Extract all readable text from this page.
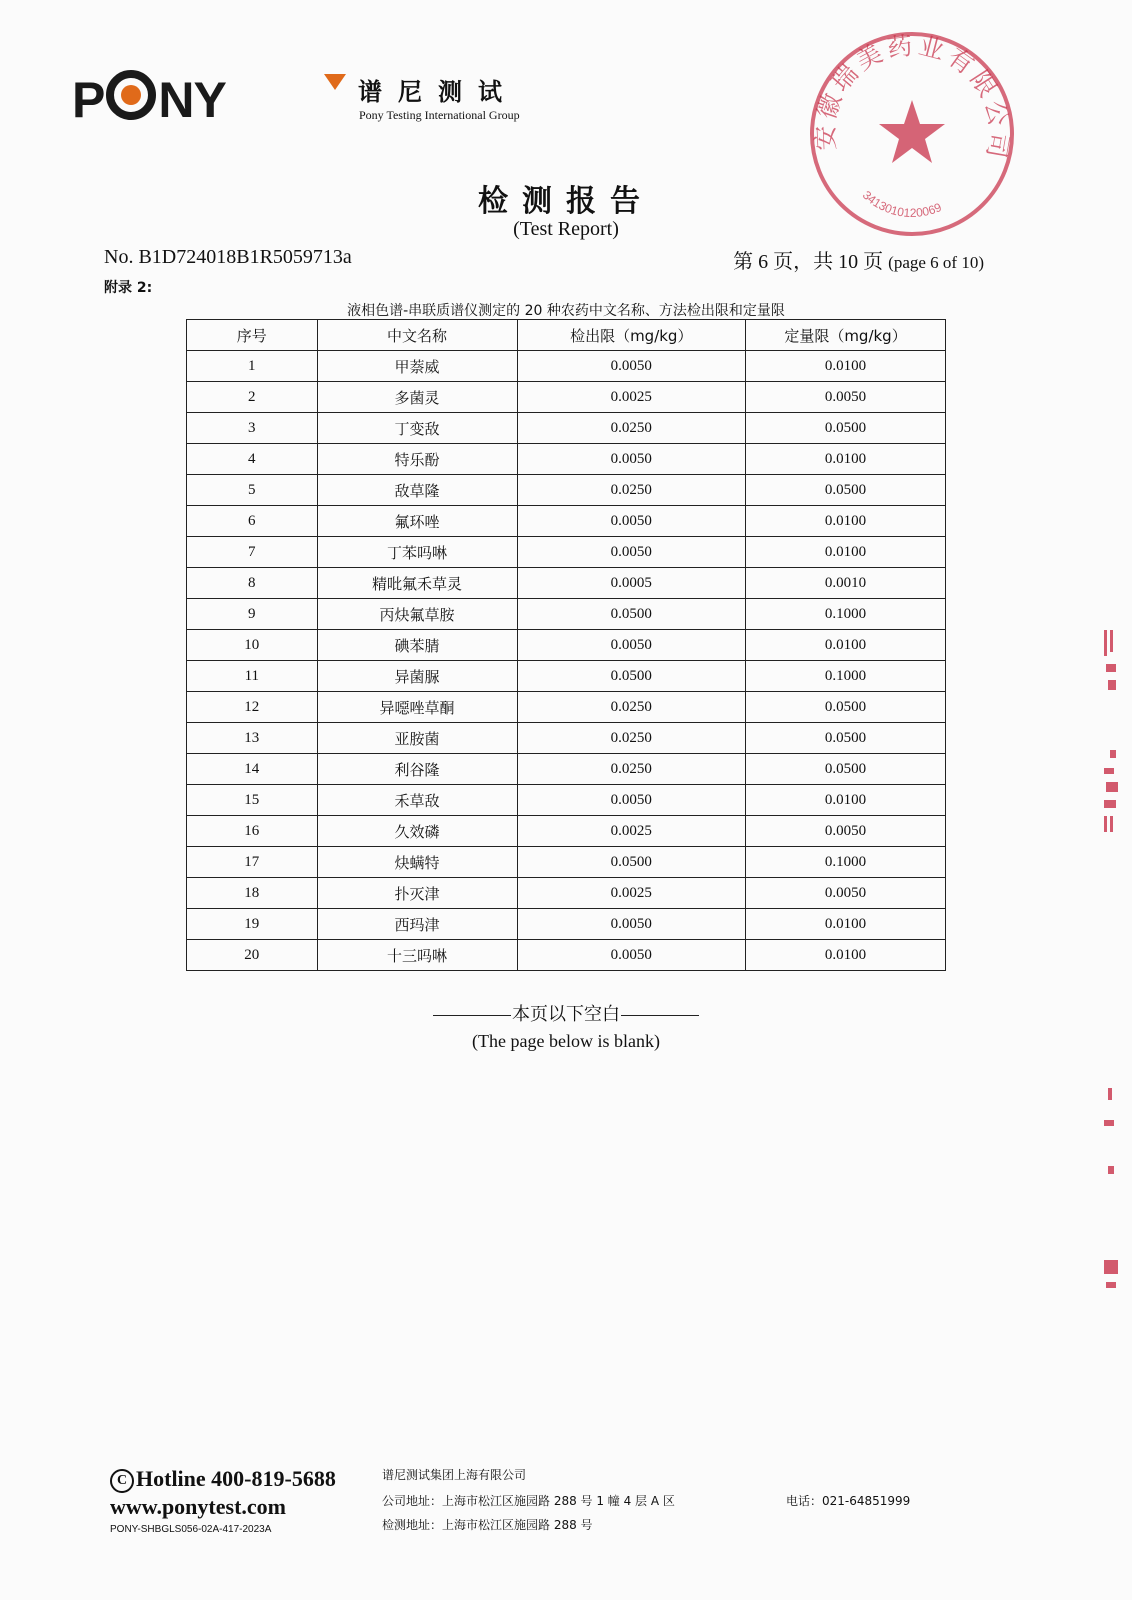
P NY	谱尼测试
Pony Testing International Group
安徽瑞美药业有限公司
3413010120069
检测报告
(Test Report)
No. B1D724018B1R5059713a	第 6 页，共 10 页 (page 6 of 10)
附录 2:
液相色谱-串联质谱仪测定的 20 种农药中文名称、方法检出限和定量限
序号	中文名称	检出限（mg/kg）	定量限（mg/kg）
1	甲萘威	0.0050	0.0100
2	多菌灵	0.0025	0.0050
3	丁变敌	0.0250	0.0500
4	特乐酚	0.0050	0.0100
5	敌草隆	0.0250	0.0500
6	氟环唑	0.0050	0.0100
7	丁苯吗啉	0.0050	0.0100
8	精吡氟禾草灵	0.0005	0.0010
9	丙炔氟草胺	0.0500	0.1000
10	碘苯腈	0.0050	0.0100
11	异菌脲	0.0500	0.1000
12	异噁唑草酮	0.0250	0.0500
13	亚胺菌	0.0250	0.0500
14	利谷隆	0.0250	0.0500
15	禾草敌	0.0050	0.0100
16	久效磷	0.0025	0.0050
17	炔螨特	0.0500	0.1000
18	扑灭津	0.0025	0.0050
19	西玛津	0.0050	0.0100
20	十三吗啉	0.0050	0.0100
本页以下空白
(The page below is blank)
C Hotline 400-819-5688
www.ponytest.com
PONY-SHBGLS056-02A-417-2023A
谱尼测试集团上海有限公司
公司地址：上海市松江区施园路 288 号 1 幢 4 层 A 区
检测地址：上海市松江区施园路 288 号
电话：021-64851999
